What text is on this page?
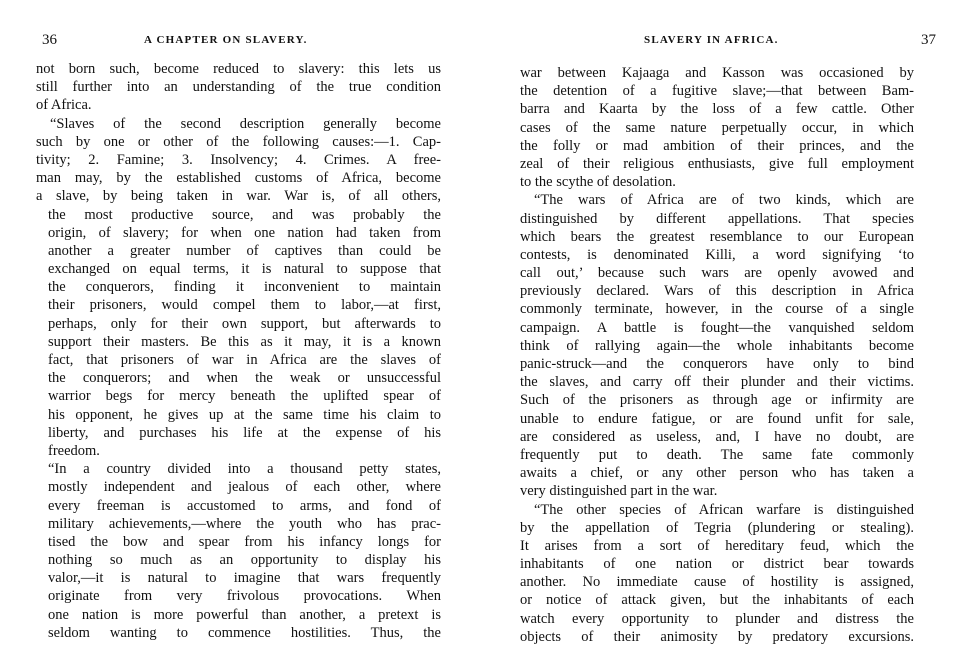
36	A CHAPTER ON SLAVERY.
not born such, become reduced to slavery: this lets us
still further into an understanding of the true condition
of Africa.
“Slaves of the second description generally become
such by one or other of the following causes:—1. Cap-
tivity; 2. Famine; 3. Insolvency; 4. Crimes. A free-
man may, by the established customs of Africa, become
a slave, by being taken in war. War is, of all others,
the most productive source, and was probably the
origin, of slavery; for when one nation had taken from
another a greater number of captives than could be
exchanged on equal terms, it is natural to suppose that
the conquerors, finding it inconvenient to maintain
their prisoners, would compel them to labor,—at first,
perhaps, only for their own support, but afterwards to
support their masters. Be this as it may, it is a known
fact, that prisoners of war in Africa are the slaves of
the conquerors; and when the weak or unsuccessful
warrior begs for mercy beneath the uplifted spear of
his opponent, he gives up at the same time his claim to
liberty, and purchases his life at the expense of his
freedom.
“In a country divided into a thousand petty states,
mostly independent and jealous of each other, where
every freeman is accustomed to arms, and fond of
military achievements,—where the youth who has prac-
tised the bow and spear from his infancy longs for
nothing so much as an opportunity to display his
valor,—it is natural to imagine that wars frequently
originate from very frivolous provocations. When
one nation is more powerful than another, a pretext is
seldom wanting to commence hostilities. Thus, the
SLAVERY IN AFRICA.	37
war between Kajaaga and Kasson was occasioned by
the detention of a fugitive slave;—that between Bam-
barra and Kaarta by the loss of a few cattle. Other
cases of the same nature perpetually occur, in which
the folly or mad ambition of their princes, and the
zeal of their religious enthusiasts, give full employment
to the scythe of desolation.
“The wars of Africa are of two kinds, which are
distinguished by different appellations. That species
which bears the greatest resemblance to our European
contests, is denominated Killi, a word signifying ‘to
call out,’ because such wars are openly avowed and
previously declared. Wars of this description in Africa
commonly terminate, however, in the course of a single
campaign. A battle is fought—the vanquished seldom
think of rallying again—the whole inhabitants become
panic-struck—and the conquerors have only to bind
the slaves, and carry off their plunder and their victims.
Such of the prisoners as through age or infirmity are
unable to endure fatigue, or are found unfit for sale,
are considered as useless, and, I have no doubt, are
frequently put to death. The same fate commonly
awaits a chief, or any other person who has taken a
very distinguished part in the war.
“The other species of African warfare is distinguished
by the appellation of Tegria (plundering or stealing).
It arises from a sort of hereditary feud, which the
inhabitants of one nation or district bear towards
another. No immediate cause of hostility is assigned,
or notice of attack given, but the inhabitants of each
watch every opportunity to plunder and distress the
objects of their animosity by predatory excursions.
